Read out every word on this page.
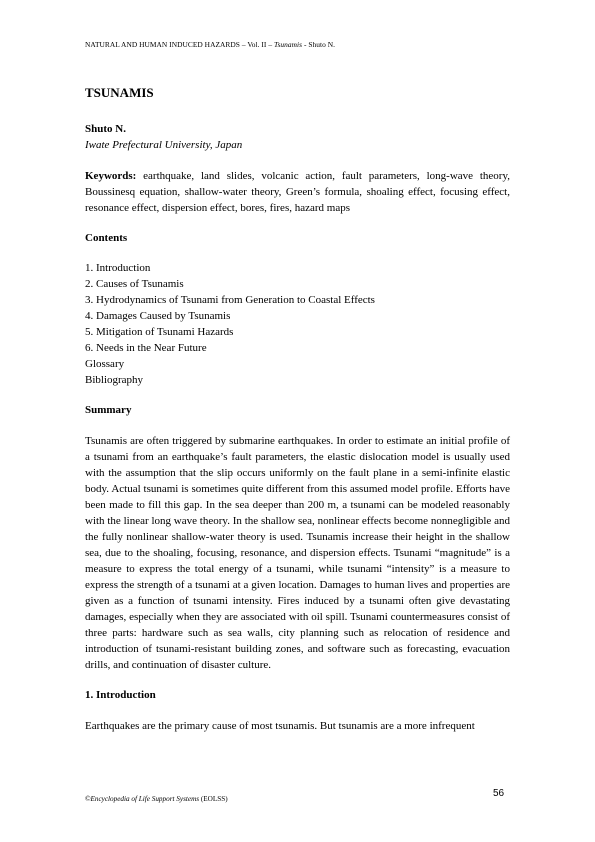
NATURAL AND HUMAN INDUCED HAZARDS – Vol. II – Tsunamis - Shuto N.
TSUNAMIS
Shuto N.
Iwate Prefectural University, Japan
Keywords: earthquake, land slides, volcanic action, fault parameters, long-wave theory, Boussinesq equation, shallow-water theory, Green’s formula, shoaling effect, focusing effect, resonance effect, dispersion effect, bores, fires, hazard maps
Contents
1. Introduction
2. Causes of Tsunamis
3. Hydrodynamics of Tsunami from Generation to Coastal Effects
4. Damages Caused by Tsunamis
5. Mitigation of Tsunami Hazards
6. Needs in the Near Future
Glossary
Bibliography
Summary
Tsunamis are often triggered by submarine earthquakes. In order to estimate an initial profile of a tsunami from an earthquake’s fault parameters, the elastic dislocation model is usually used with the assumption that the slip occurs uniformly on the fault plane in a semi-infinite elastic body. Actual tsunami is sometimes quite different from this assumed model profile. Efforts have been made to fill this gap. In the sea deeper than 200 m, a tsunami can be modeled reasonably with the linear long wave theory. In the shallow sea, nonlinear effects become nonnegligible and the fully nonlinear shallow-water theory is used. Tsunamis increase their height in the shallow sea, due to the shoaling, focusing, resonance, and dispersion effects. Tsunami “magnitude” is a measure to express the total energy of a tsunami, while tsunami “intensity” is a measure to express the strength of a tsunami at a given location. Damages to human lives and properties are given as a function of tsunami intensity. Fires induced by a tsunami often give devastating damages, especially when they are associated with oil spill. Tsunami countermeasures consist of three parts: hardware such as sea walls, city planning such as relocation of residence and introduction of tsunami-resistant building zones, and software such as forecasting, evacuation drills, and continuation of disaster culture.
1. Introduction
Earthquakes are the primary cause of most tsunamis. But tsunamis are a more infrequent
©Encyclopedia of Life Support Systems (EOLSS)	56
